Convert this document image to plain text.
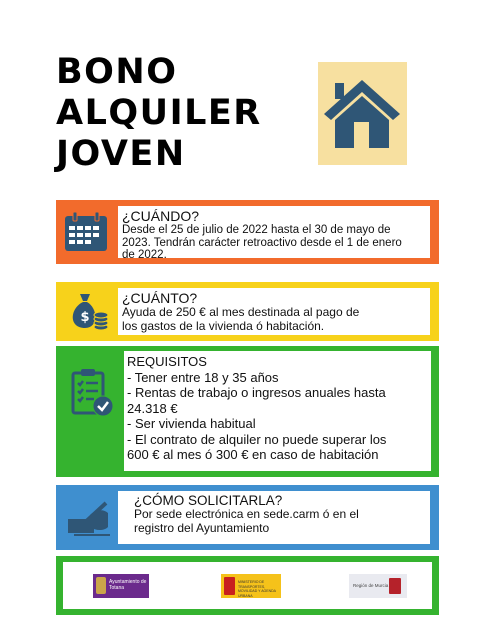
BONO
ALQUILER
JOVEN
¿CUÁNDO?
Desde el 25 de julio de 2022 hasta el 30 de mayo de
2023. Tendrán carácter retroactivo desde el 1 de enero
de 2022.
$
¿CUÁNTO?
Ayuda de 250 € al mes destinada al pago de
los gastos de la vivienda ó habitación.
REQUISITOS
- Tener entre 18 y 35 años
- Rentas de trabajo o ingresos anuales hasta
24.318 €
- Ser vivienda habitual
- El contrato de alquiler no puede superar los
600 € al mes ó 300 € en caso de habitación
¿CÓMO SOLICITARLA?
Por sede electrónica en sede.carm ó en el
registro del Ayuntamiento
Ayuntamiento de Totana
MINISTERIO DE TRANSPORTES, MOVILIDAD Y AGENDA URBANA
Región de Murcia
